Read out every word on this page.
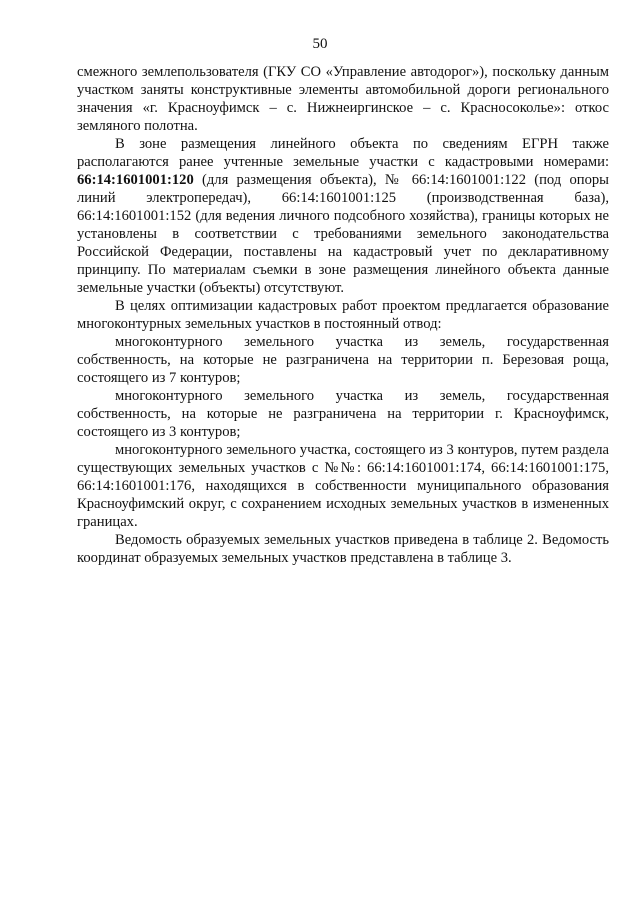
50

смежного землепользователя (ГКУ СО «Управление автодорог»), поскольку данным участком заняты конструктивные элементы автомобильной дороги регионального значения «г. Красноуфимск – с. Нижнеиргинское – с. Красносоколье»: откос земляного полотна.

В зоне размещения линейного объекта по сведениям ЕГРН также располагаются ранее учтенные земельные участки с кадастровыми номерами: 66:14:1601001:120 (для размещения объекта), № 66:14:1601001:122 (под опоры линий электропередач), 66:14:1601001:125 (производственная база), 66:14:1601001:152 (для ведения личного подсобного хозяйства), границы которых не установлены в соответствии с требованиями земельного законодательства Российской Федерации, поставлены на кадастровый учет по декларативному принципу. По материалам съемки в зоне размещения линейного объекта данные земельные участки (объекты) отсутствуют.

В целях оптимизации кадастровых работ проектом предлагается образование многоконтурных земельных участков в постоянный отвод:

многоконтурного земельного участка из земель, государственная собственность, на которые не разграничена на территории п. Березовая роща, состоящего из 7 контуров;

многоконтурного земельного участка из земель, государственная собственность, на которые не разграничена на территории г. Красноуфимск, состоящего из 3 контуров;

многоконтурного земельного участка, состоящего из 3 контуров, путем раздела существующих земельных участков с №№: 66:14:1601001:174, 66:14:1601001:175, 66:14:1601001:176, находящихся в собственности муниципального образования Красноуфимский округ, с сохранением исходных земельных участков в измененных границах.

Ведомость образуемых земельных участков приведена в таблице 2. Ведомость координат образуемых земельных участков представлена в таблице 3.
